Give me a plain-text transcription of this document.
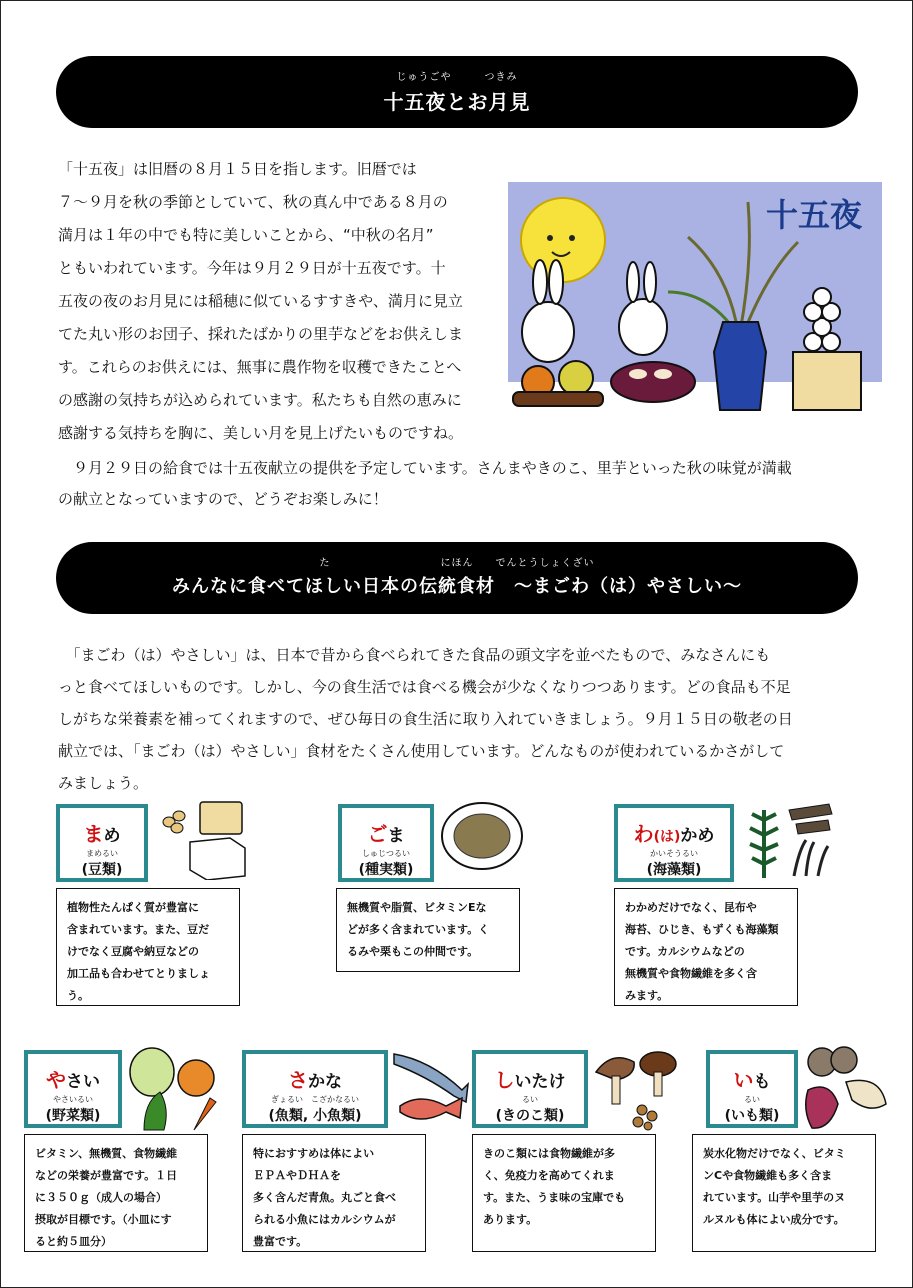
じゅうごや　　　つきみ
十五夜とお月見
「十五夜」は旧暦の８月１５日を指します。旧暦では
７～９月を秋の季節としていて、秋の真ん中である８月の
満月は１年の中でも特に美しいことから、“中秋の名月”
ともいわれています。今年は９月２９日が十五夜です。十
五夜の夜のお月見には稲穂に似ているすすきや、満月に見立
てた丸い形のお団子、採れたばかりの里芋などをお供えしま
す。これらのお供えには、無事に農作物を収穫できたことへ
の感謝の気持ちが込められています。私たちも自然の恵みに
感謝する気持ちを胸に、美しい月を見上げたいものですね。
　９月２９日の給食では十五夜献立の提供を予定しています。さんまやきのこ、里芋といった秋の味覚が満載
の献立となっていますので、どうぞお楽しみに！
十五夜
た　　　　　　　　　　にほん　　でんとうしょくざい
みんなに食べてほしい日本の伝統食材　～まごわ（は）やさしい～
　「まごわ（は）やさしい」は、日本で昔から食べられてきた食品の頭文字を並べたもので、みなさんにも
っと食べてほしいものです。しかし、今の食生活では食べる機会が少なくなりつつあります。どの食品も不足
しがちな栄養素を補ってくれますので、ぜひ毎日の食生活に取り入れていきましょう。９月１５日の敬老の日
献立では、「まごわ（は）やさしい」食材をたくさん使用しています。どんなものが使われているかさがして
みましょう。
まめ
まめるい
(豆類)
植物性たんぱく質が豊富に
含まれています。また、豆だ
けでなく豆腐や納豆などの
加工品も合わせてとりましょ
う。
ごま
しゅじつるい
(種実類)
無機質や脂質、ビタミンEな
どが多く含まれています。く
るみや栗もこの仲間です。
わ(は)かめ
かいそうるい
(海藻類)
わかめだけでなく、昆布や
海苔、ひじき、もずくも海藻類
です。カルシウムなどの
無機質や食物繊維を多く含
みます。
やさい
やさいるい
(野菜類)
ビタミン、無機質、食物繊維
などの栄養が豊富です。１日
に３５０ｇ（成人の場合）
摂取が目標です。（小皿にす
ると約５皿分）
さかな
ぎょるい　こざかなるい
(魚類, 小魚類)
特におすすめは体によい
ＥＰＡやＤＨＡを
多く含んだ青魚。丸ごと食べ
られる小魚にはカルシウムが
豊富です。
しいたけ
るい
(きのこ類)
きのこ類には食物繊維が多
く、免疫力を高めてくれま
す。また、うま味の宝庫でも
あります。
いも
るい
(いも類)
炭水化物だけでなく、ビタミ
ンCや食物繊維も多く含ま
れています。山芋や里芋のヌ
ルヌルも体によい成分です。
